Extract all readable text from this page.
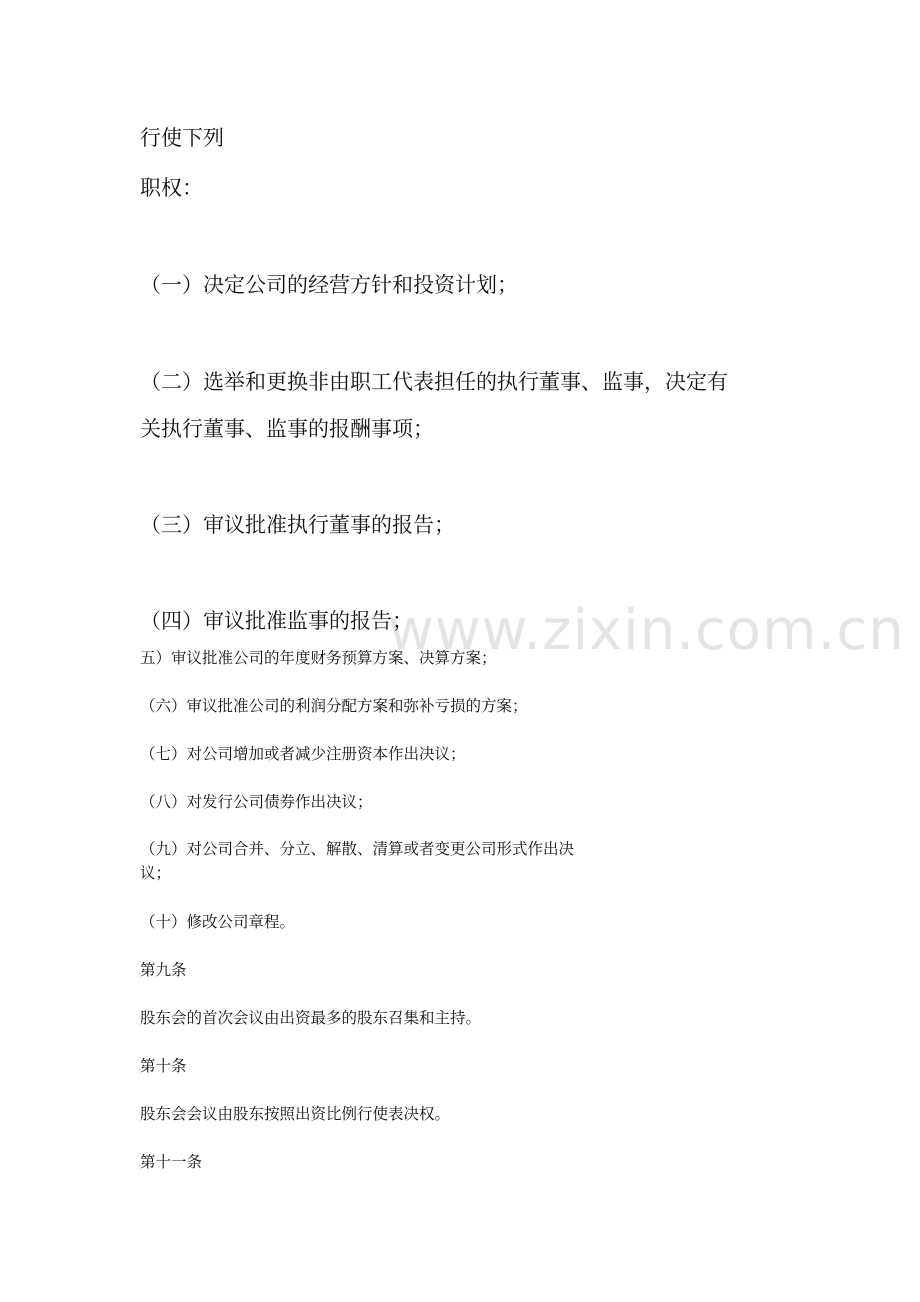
www.zixin.com.cn

行使下列

职权：

（一）决定公司的经营方针和投资计划；

（二）选举和更换非由职工代表担任的执行董事、监事，决定有

关执行董事、监事的报酬事项；

（三）审议批准执行董事的报告；

（四）审议批准监事的报告；

五）审议批准公司的年度财务预算方案、决算方案；

（六）审议批准公司的利润分配方案和弥补亏损的方案；

（七）对公司增加或者减少注册资本作出决议；

（八）对发行公司债券作出决议；

（九）对公司合并、分立、解散、清算或者变更公司形式作出决

议；

（十）修改公司章程。

第九条

股东会的首次会议由出资最多的股东召集和主持。

第十条

股东会会议由股东按照出资比例行使表决权。

第十一条
